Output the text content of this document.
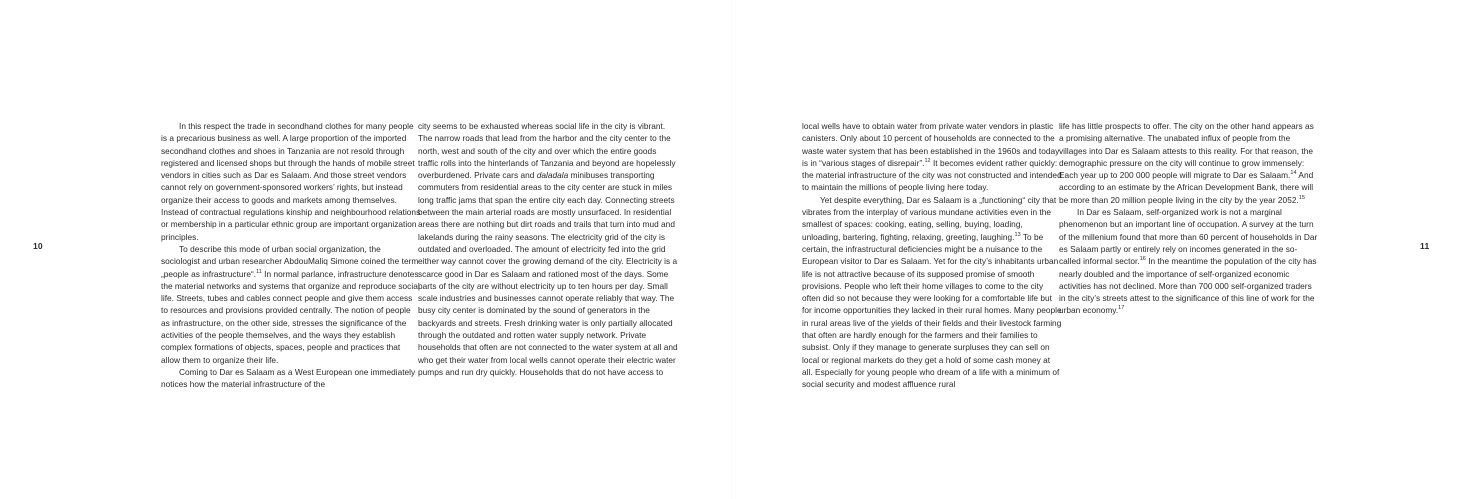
10	11

In this respect the trade in secondhand clothes for many people is a precarious business as well. A large proportion of the imported secondhand clothes and shoes in Tanzania are not resold through registered and licensed shops but through the hands of mobile street vendors in cities such as Dar es Salaam. And those street vendors cannot rely on government-sponsored workers’ rights, but instead organize their access to goods and markets among themselves. Instead of contractual regulations kinship and neighbourhood relations or membership in a particular ethnic group are important organization principles.

To describe this mode of urban social organization, the sociologist and urban researcher AbdouMaliq Simone coined the term „people as infrastructure“.$^{11}$ In normal parlance, infrastructure denotes the material networks and systems that organize and reproduce social life. Streets, tubes and cables connect people and give them access to resources and provisions provided centrally. The notion of people as infrastructure, on the other side, stresses the significance of the activities of the people themselves, and the ways they establish complex formations of objects, spaces, people and practices that allow them to organize their life.

Coming to Dar es Salaam as a West European one immediately notices how the material infrastructure of the

city seems to be exhausted whereas social life in the city is vibrant. The narrow roads that lead from the harbor and the city center to the north, west and south of the city and over which the entire goods traffic rolls into the hinterlands of Tanzania and beyond are hopelessly overburdened. Private cars and daladala minibuses transporting commuters from residential areas to the city center are stuck in miles long traffic jams that span the entire city each day. Connecting streets between the main arterial roads are mostly unsurfaced. In residential areas there are nothing but dirt roads and trails that turn into mud and lakelands during the rainy seasons. The electricity grid of the city is outdated and overloaded. The amount of electricity fed into the grid either way cannot cover the growing demand of the city. Electricity is a scarce good in Dar es Salaam and rationed most of the days. Some parts of the city are without electricity up to ten hours per day. Small scale industries and businesses cannot operate reliably that way. The busy city center is dominated by the sound of generators in the backyards and streets. Fresh drinking water is only partially allocated through the outdated and rotten water supply network. Private households that often are not connected to the water system at all and who get their water from local wells cannot operate their electric water pumps and run dry quickly. Households that do not have access to

local wells have to obtain water from private water vendors in plastic canisters. Only about 10 percent of households are connected to the waste water system that has been established in the 1960s and today is in “various stages of disrepair”.$^{12}$ It becomes evident rather quickly: the material infrastructure of the city was not constructed and intended to maintain the millions of people living here today.

Yet despite everything, Dar es Salaam is a „functioning“ city that vibrates from the interplay of various mundane activities even in the smallest of spaces: cooking, eating, selling, buying, loading, unloading, bartering, fighting, relaxing, greeting, laughing.$^{13}$ To be certain, the infrastructural deficiencies might be a nuisance to the European visitor to Dar es Salaam. Yet for the city’s inhabitants urban life is not attractive because of its supposed promise of smooth provisions. People who left their home villages to come to the city often did so not because they were looking for a comfortable life but for income opportunities they lacked in their rural homes. Many people in rural areas live of the yields of their fields and their livestock farming that often are hardly enough for the farmers and their families to subsist. Only if they manage to generate surpluses they can sell on local or regional markets do they get a hold of some cash money at all. Especially for young people who dream of a life with a minimum of social security and modest affluence rural

life has little prospects to offer. The city on the other hand appears as a promising alternative. The unabated influx of people from the villages into Dar es Salaam attests to this reality. For that reason, the demographic pressure on the city will continue to grow immensely: Each year up to 200 000 people will migrate to Dar es Salaam.$^{14}$ And according to an estimate by the African Development Bank, there will be more than 20 million people living in the city by the year 2052.15

In Dar es Salaam, self-organized work is not a marginal phenomenon but an important line of occupation. A survey at the turn of the millenium found that more than 60 percent of households in Dar es Salaam partly or entirely rely on incomes generated in the so-called informal sector.$^{16}$ In the meantime the population of the city has nearly doubled and the importance of self-organized economic activities has not declined. More than 700 000 self-organized traders in the city’s streets attest to the significance of this line of work for the urban economy.$^{17}$
